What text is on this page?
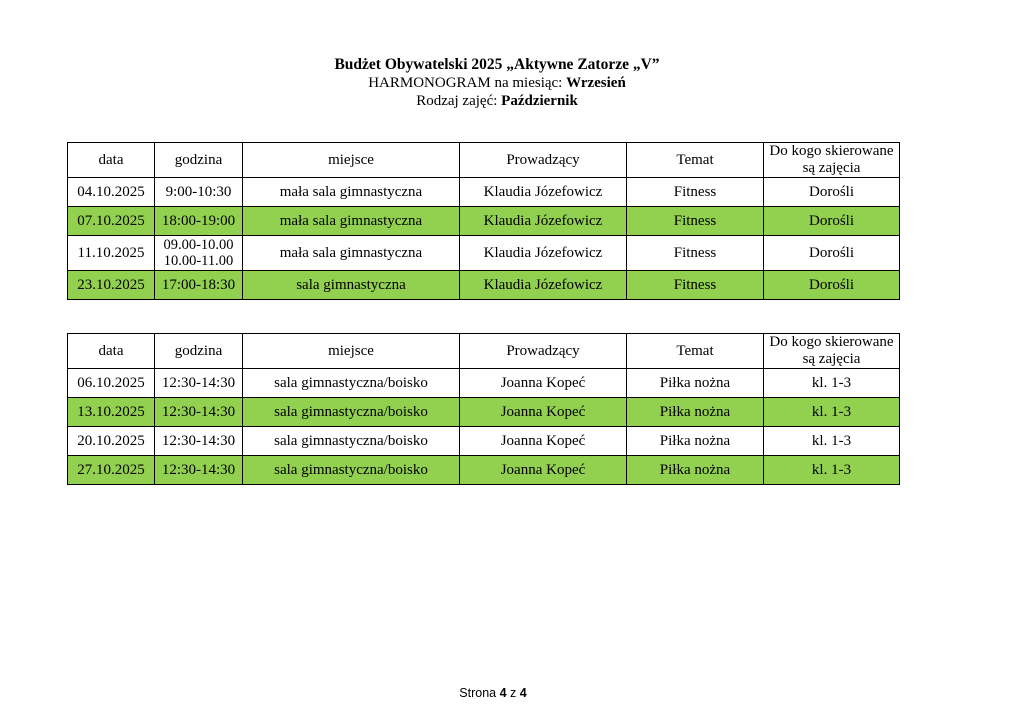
Budżet Obywatelski 2025 „Aktywne Zatorze „V”
HARMONOGRAM na miesiąc: Wrzesień
Rodzaj zajęć: Październik
data	godzina	miejsce	Prowadzący	Temat	Do kogo skierowane są zajęcia
04.10.2025	9:00-10:30	mała sala gimnastyczna	Klaudia Józefowicz	Fitness	Dorośli
07.10.2025	18:00-19:00	mała sala gimnastyczna	Klaudia Józefowicz	Fitness	Dorośli
11.10.2025	09.00-10.00
10.00-11.00	mała sala gimnastyczna	Klaudia Józefowicz	Fitness	Dorośli
23.10.2025	17:00-18:30	sala gimnastyczna	Klaudia Józefowicz	Fitness	Dorośli
data	godzina	miejsce	Prowadzący	Temat	Do kogo skierowane są zajęcia
06.10.2025	12:30-14:30	sala gimnastyczna/boisko	Joanna Kopeć	Piłka nożna	kl. 1-3
13.10.2025	12:30-14:30	sala gimnastyczna/boisko	Joanna Kopeć	Piłka nożna	kl. 1-3
20.10.2025	12:30-14:30	sala gimnastyczna/boisko	Joanna Kopeć	Piłka nożna	kl. 1-3
27.10.2025	12:30-14:30	sala gimnastyczna/boisko	Joanna Kopeć	Piłka nożna	kl. 1-3
Strona 4 z 4
